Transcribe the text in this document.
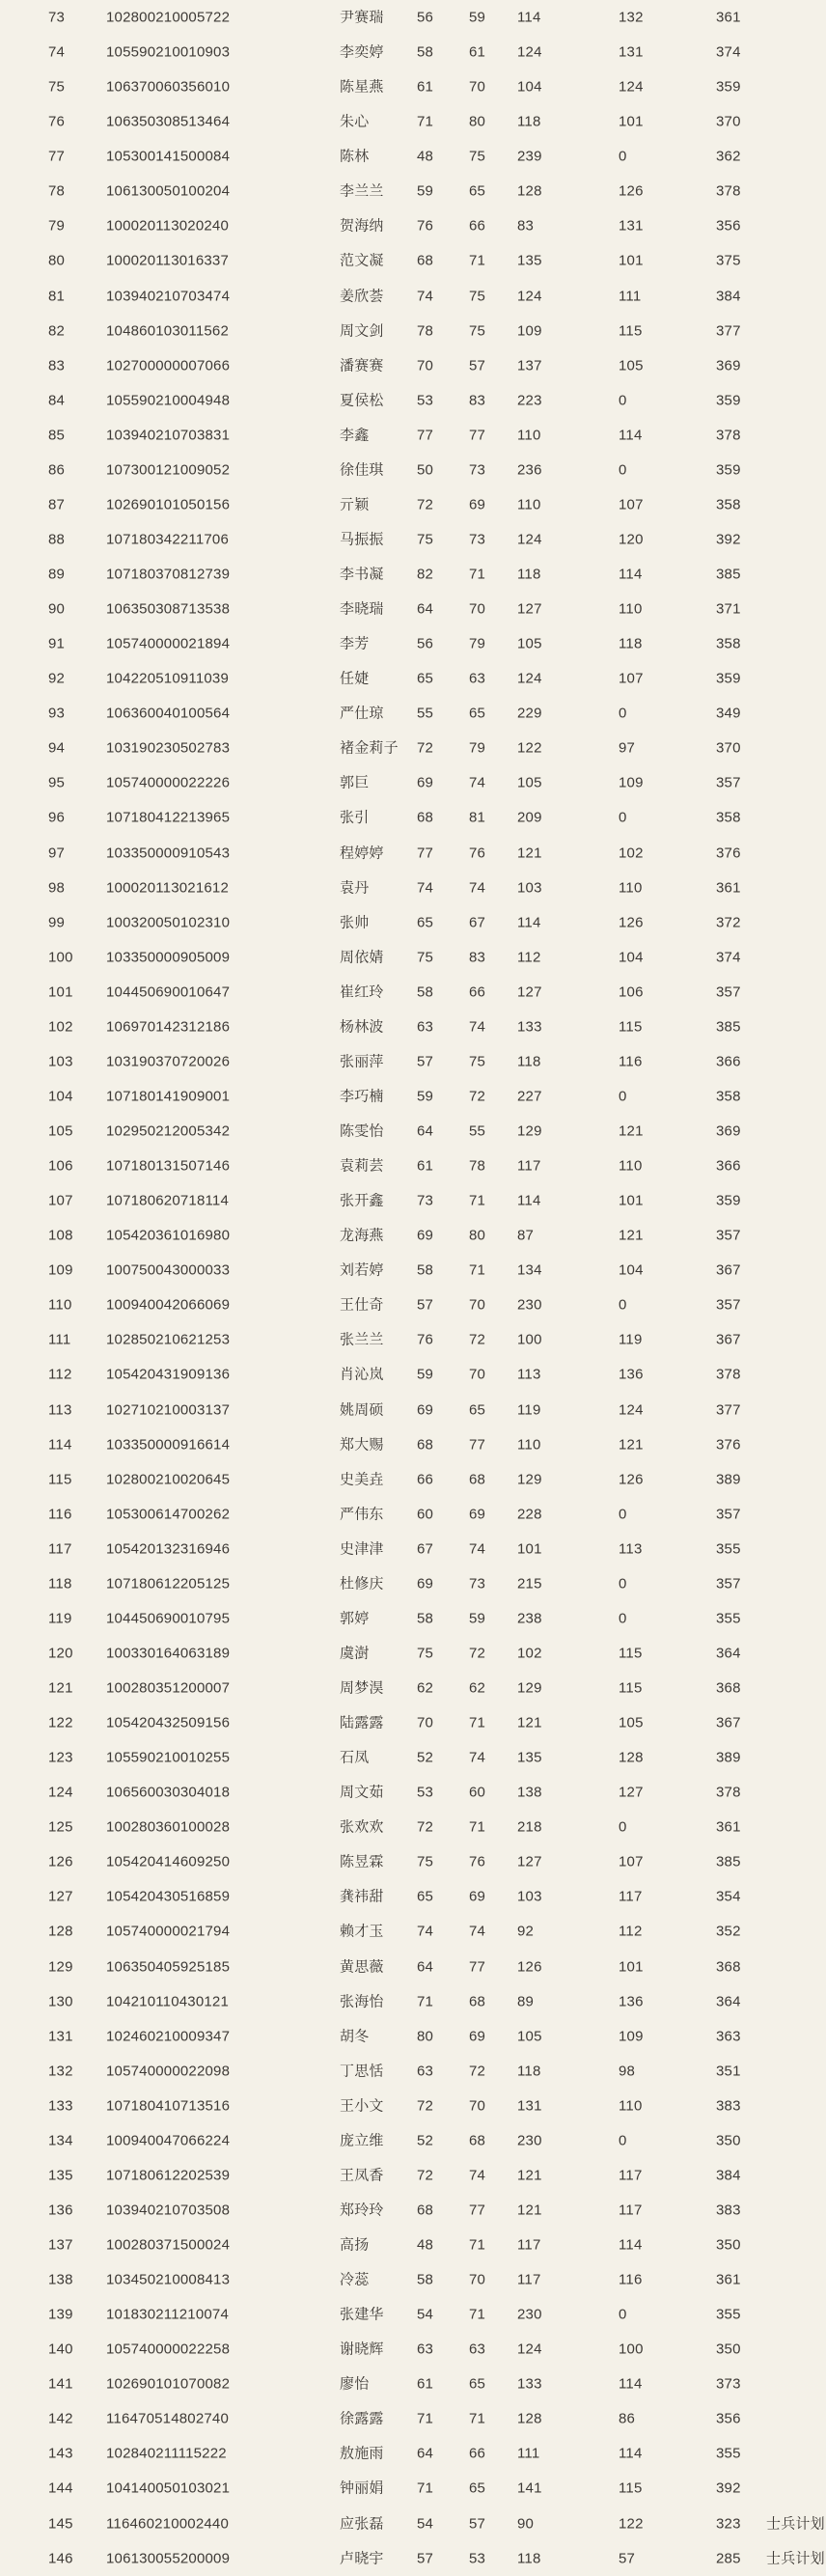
73	102800210005722	尹赛瑞 56 59 114	132	361
74	105590210010903	李奕婷 58 61 124	131	374
75	106370060356010	陈星燕 61 70 104	124	359
76	106350308513464	朱心	71 80 118	101	370
77	105300141500084	陈林	48 75 239	0	362
78	106130050100204	李兰兰 59 65 128	126	378
79	100020113020240	贺海纳 76 66 83	131	356
80	100020113016337	范文凝 68 71 135	101	375
81	103940210703474	姜欣荟 74 75 124	111	384
82	104860103011562	周文剑 78 75 109	115	377
83	102700000007066	潘赛赛 70 57 137	105	369
84	105590210004948	夏侯松 53 83 223	0	359
85	103940210703831	李鑫	77 77 110	114	378
86	107300121009052	徐佳琪 50 73 236	0	359
87	102690101050156	亓颖	72 69 110	107	358
88	107180342211706	马振振 75 73 124	120	392
89	107180370812739	李书凝 82 71 118	114	385
90	106350308713538	李晓瑞 64 70 127	110	371
91	105740000021894	李芳	56 79 105	118	358
92	104220510911039	任婕	65 63 124	107	359
93	106360040100564	严仕琼 55 65 229	0	349
94	103190230502783	褚金莉子 72 79 122	97	370
95	105740000022226	郭巨	69 74 105	109	357
96	107180412213965	张引	68 81 209	0	358
97	103350000910543	程婷婷 77 76 121	102	376
98	100020113021612	袁丹	74 74 103	110	361
99	100320050102310	张帅	65 67 114	126	372
100 103350000905009	周依婧 75 83 112	104	374
101 104450690010647	崔红玲 58 66 127	106	357
102 106970142312186	杨林波 63 74 133	115	385
103 103190370720026	张丽萍 57 75 118	116	366
104 107180141909001	李巧楠 59 72 227	0	358
105 102950212005342	陈雯怡 64 55 129	121	369
106 107180131507146	袁莉芸 61 78 117	110	366
107 107180620718114	张开鑫 73 71 114	101	359
108 105420361016980	龙海燕 69 80 87	121	357
109 100750043000033	刘若婷 58 71 134	104	367
110 100940042066069	王仕奇 57 70 230	0	357
111 102850210621253	张兰兰 76 72 100	119	367
112 105420431909136	肖沁岚 59 70 113	136	378
113 102710210003137	姚周硕 69 65 119	124	377
114 103350000916614	郑大赐 68 77 110	121	376
115 102800210020645	史美垚 66 68 129	126	389
116 105300614700262	严伟东 60 69 228	0	357
117 105420132316946	史津津 67 74 101	113	355
118 107180612205125	杜修庆 69 73 215	0	357
119 104450690010795	郭婷	58 59 238	0	355
120 100330164063189	虞澍	75 72 102	115	364
121 100280351200007	周梦淏 62 62 129	115	368
122 105420432509156	陆露露 70 71 121	105	367
123 105590210010255	石凤	52 74 135	128	389
124 106560030304018	周文茹 53 60 138	127	378
125 100280360100028	张欢欢 72 71 218	0	361
126 105420414609250	陈昱霖 75 76 127	107	385
127 105420430516859	龚祎甜 65 69 103	117	354
128 105740000021794	赖才玉 74 74 92	112	352
129 106350405925185	黄思薇 64 77 126	101	368
130 104210110430121	张海怡 71 68 89	136	364
131 102460210009347	胡冬	80 69 105	109	363
132 105740000022098	丁思恬 63 72 118	98	351
133 107180410713516	王小文 72 70 131	110	383
134 100940047066224	庞立维 52 68 230	0	350
135 107180612202539	王凤香 72 74 121	117	384
136 103940210703508	郑玲玲 68 77 121	117	383
137 100280371500024	高扬	48 71 117	114	350
138 103450210008413	冷蕊	58 70 117	116	361
139 101830211210074	张建华 54 71 230	0	355
140 105740000022258	谢晓辉 63 63 124	100	350
141 102690101070082	廖怡	61 65 133	114	373
142 116470514802740	徐露露 71 71 128	86	356
143 102840211115222	敖施雨 64 66 111	114	355
144 104140050103021	钟丽娟 71 65 141	115	392
145 116460210002440	应张磊 54 57 90	122	323 士兵计划
146 106130055200009	卢晓宇 57 53 118	57	285 士兵计划
